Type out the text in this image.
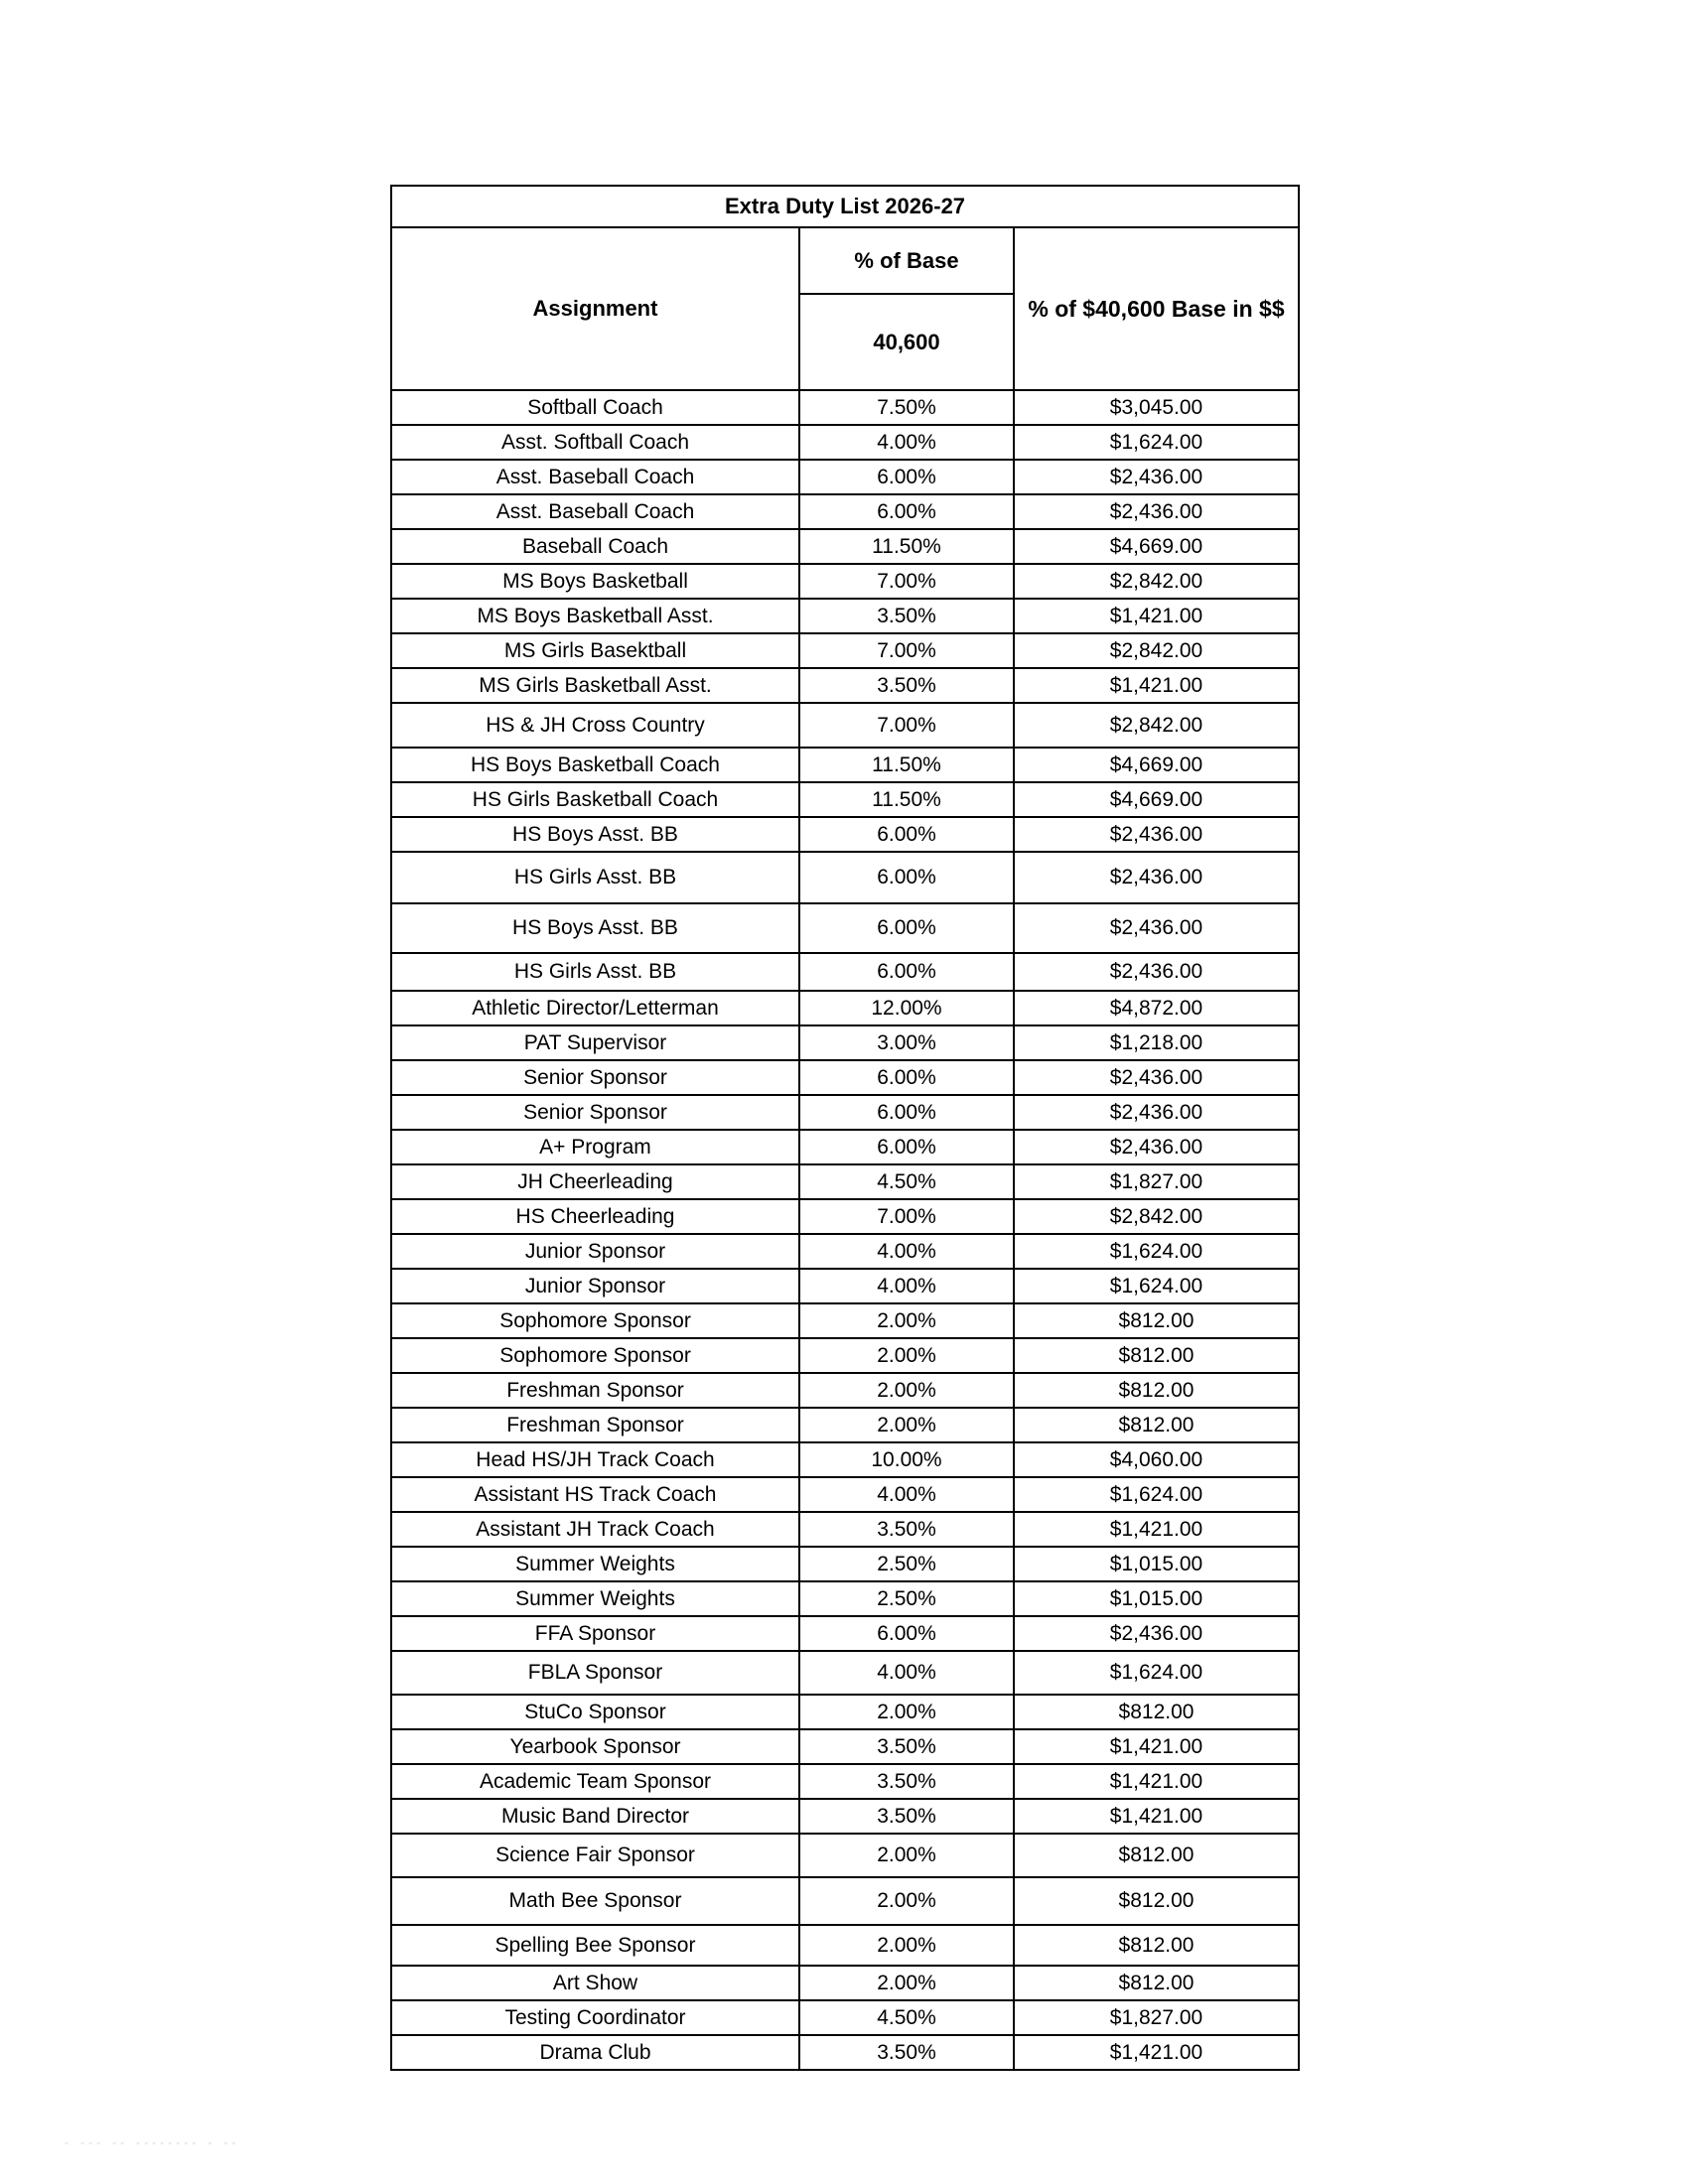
Extra Duty List 2026-27		
Assignment	% of Base	% of $40,600 Base in $$
	40,600	
Softball Coach	7.50%	$3,045.00
Asst. Softball Coach	4.00%	$1,624.00
Asst. Baseball Coach	6.00%	$2,436.00
Asst. Baseball Coach	6.00%	$2,436.00
Baseball Coach	11.50%	$4,669.00
MS Boys Basketball	7.00%	$2,842.00
MS Boys Basketball Asst.	3.50%	$1,421.00
MS Girls Basektball	7.00%	$2,842.00
MS Girls Basketball Asst.	3.50%	$1,421.00
HS & JH Cross Country	7.00%	$2,842.00
HS Boys Basketball Coach	11.50%	$4,669.00
HS Girls Basketball Coach	11.50%	$4,669.00
HS Boys Asst. BB	6.00%	$2,436.00
HS Girls Asst. BB	6.00%	$2,436.00
HS Boys Asst. BB	6.00%	$2,436.00
HS Girls Asst. BB	6.00%	$2,436.00
Athletic Director/Letterman	12.00%	$4,872.00
PAT Supervisor	3.00%	$1,218.00
Senior Sponsor	6.00%	$2,436.00
Senior Sponsor	6.00%	$2,436.00
A+ Program	6.00%	$2,436.00
JH Cheerleading	4.50%	$1,827.00
HS Cheerleading	7.00%	$2,842.00
Junior Sponsor	4.00%	$1,624.00
Junior Sponsor	4.00%	$1,624.00
Sophomore Sponsor	2.00%	$812.00
Sophomore Sponsor	2.00%	$812.00
Freshman Sponsor	2.00%	$812.00
Freshman Sponsor	2.00%	$812.00
Head HS/JH Track Coach	10.00%	$4,060.00
Assistant HS Track Coach	4.00%	$1,624.00
Assistant JH Track Coach	3.50%	$1,421.00
Summer Weights	2.50%	$1,015.00
Summer Weights	2.50%	$1,015.00
FFA Sponsor	6.00%	$2,436.00
FBLA Sponsor	4.00%	$1,624.00
StuCo Sponsor	2.00%	$812.00
Yearbook Sponsor	3.50%	$1,421.00
Academic Team Sponsor	3.50%	$1,421.00
Music Band Director	3.50%	$1,421.00
Science Fair Sponsor	2.00%	$812.00
Math Bee Sponsor	2.00%	$812.00
Spelling Bee Sponsor	2.00%	$812.00
Art Show	2.00%	$812.00
Testing Coordinator	4.50%	$1,827.00
Drama Club	3.50%	$1,421.00
- --- -- -------- - --
